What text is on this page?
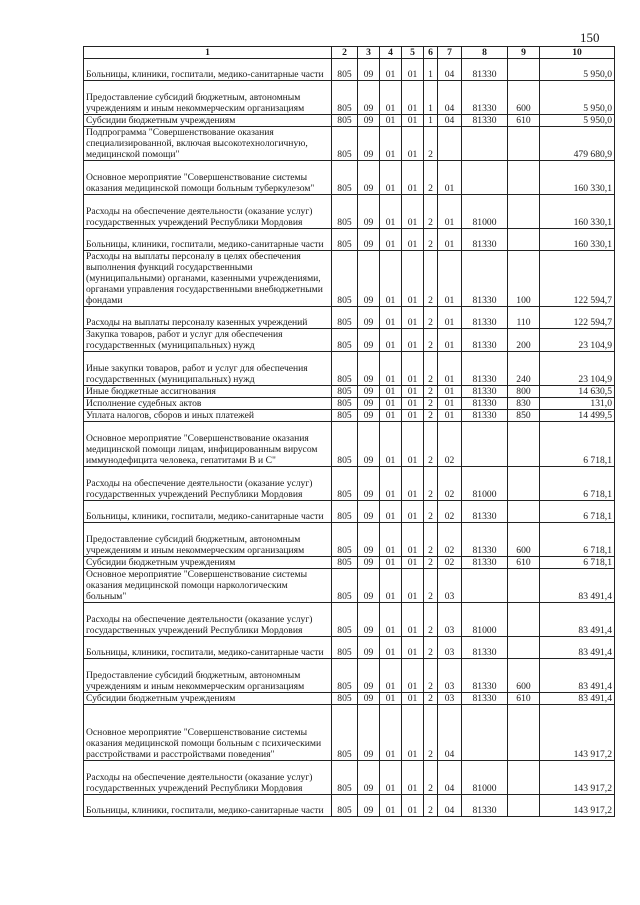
150
1	2	3	4	5	6	7	8	9	10
Больницы, клиники, госпитали, медико-санитарные части	805	09	01	01	1	04	81330		5 950,0
Предоставление субсидий бюджетным, автономным учреждениям и иным некоммерческим организациям	805	09	01	01	1	04	81330	600	5 950,0
Субсидии бюджетным учреждениям	805	09	01	01	1	04	81330	610	5 950,0
Подпрограмма "Совершенствование оказания специализированной, включая высокотехнологичную, медицинской помощи"	805	09	01	01	2				479 680,9
Основное мероприятие "Совершенствование системы оказания медицинской помощи больным туберкулезом"	805	09	01	01	2	01			160 330,1
Расходы на обеспечение деятельности (оказание услуг) государственных учреждений Республики Мордовия	805	09	01	01	2	01	81000		160 330,1
Больницы, клиники, госпитали, медико-санитарные части	805	09	01	01	2	01	81330		160 330,1
Расходы на выплаты персоналу в целях обеспечения выполнения функций государственными (муниципальными) органами, казенными учреждениями, органами управления государственными внебюджетными фондами	805	09	01	01	2	01	81330	100	122 594,7
Расходы на выплаты персоналу казенных учреждений	805	09	01	01	2	01	81330	110	122 594,7
Закупка товаров, работ и услуг для обеспечения государственных (муниципальных) нужд	805	09	01	01	2	01	81330	200	23 104,9
Иные закупки товаров, работ и услуг для обеспечения государственных (муниципальных) нужд	805	09	01	01	2	01	81330	240	23 104,9
Иные бюджетные ассигнования	805	09	01	01	2	01	81330	800	14 630,5
Исполнение судебных актов	805	09	01	01	2	01	81330	830	131,0
Уплата налогов, сборов и иных платежей	805	09	01	01	2	01	81330	850	14 499,5
Основное мероприятие "Совершенствование оказания медицинской помощи лицам, инфицированным вирусом иммунодефицита человека, гепатитами B и C"	805	09	01	01	2	02			6 718,1
Расходы на обеспечение деятельности (оказание услуг) государственных учреждений Республики Мордовия	805	09	01	01	2	02	81000		6 718,1
Больницы, клиники, госпитали, медико-санитарные части	805	09	01	01	2	02	81330		6 718,1
Предоставление субсидий бюджетным, автономным учреждениям и иным некоммерческим организациям	805	09	01	01	2	02	81330	600	6 718,1
Субсидии бюджетным учреждениям	805	09	01	01	2	02	81330	610	6 718,1
Основное мероприятие "Совершенствование системы оказания медицинской помощи наркологическим больным"	805	09	01	01	2	03			83 491,4
Расходы на обеспечение деятельности (оказание услуг) государственных учреждений Республики Мордовия	805	09	01	01	2	03	81000		83 491,4
Больницы, клиники, госпитали, медико-санитарные части	805	09	01	01	2	03	81330		83 491,4
Предоставление субсидий бюджетным, автономным учреждениям и иным некоммерческим организациям	805	09	01	01	2	03	81330	600	83 491,4
Субсидии бюджетным учреждениям	805	09	01	01	2	03	81330	610	83 491,4
Основное мероприятие "Совершенствование системы оказания медицинской помощи больным с психическими расстройствами и расстройствами поведения"	805	09	01	01	2	04			143 917,2
Расходы на обеспечение деятельности (оказание услуг) государственных учреждений Республики Мордовия	805	09	01	01	2	04	81000		143 917,2
Больницы, клиники, госпитали, медико-санитарные части	805	09	01	01	2	04	81330		143 917,2
